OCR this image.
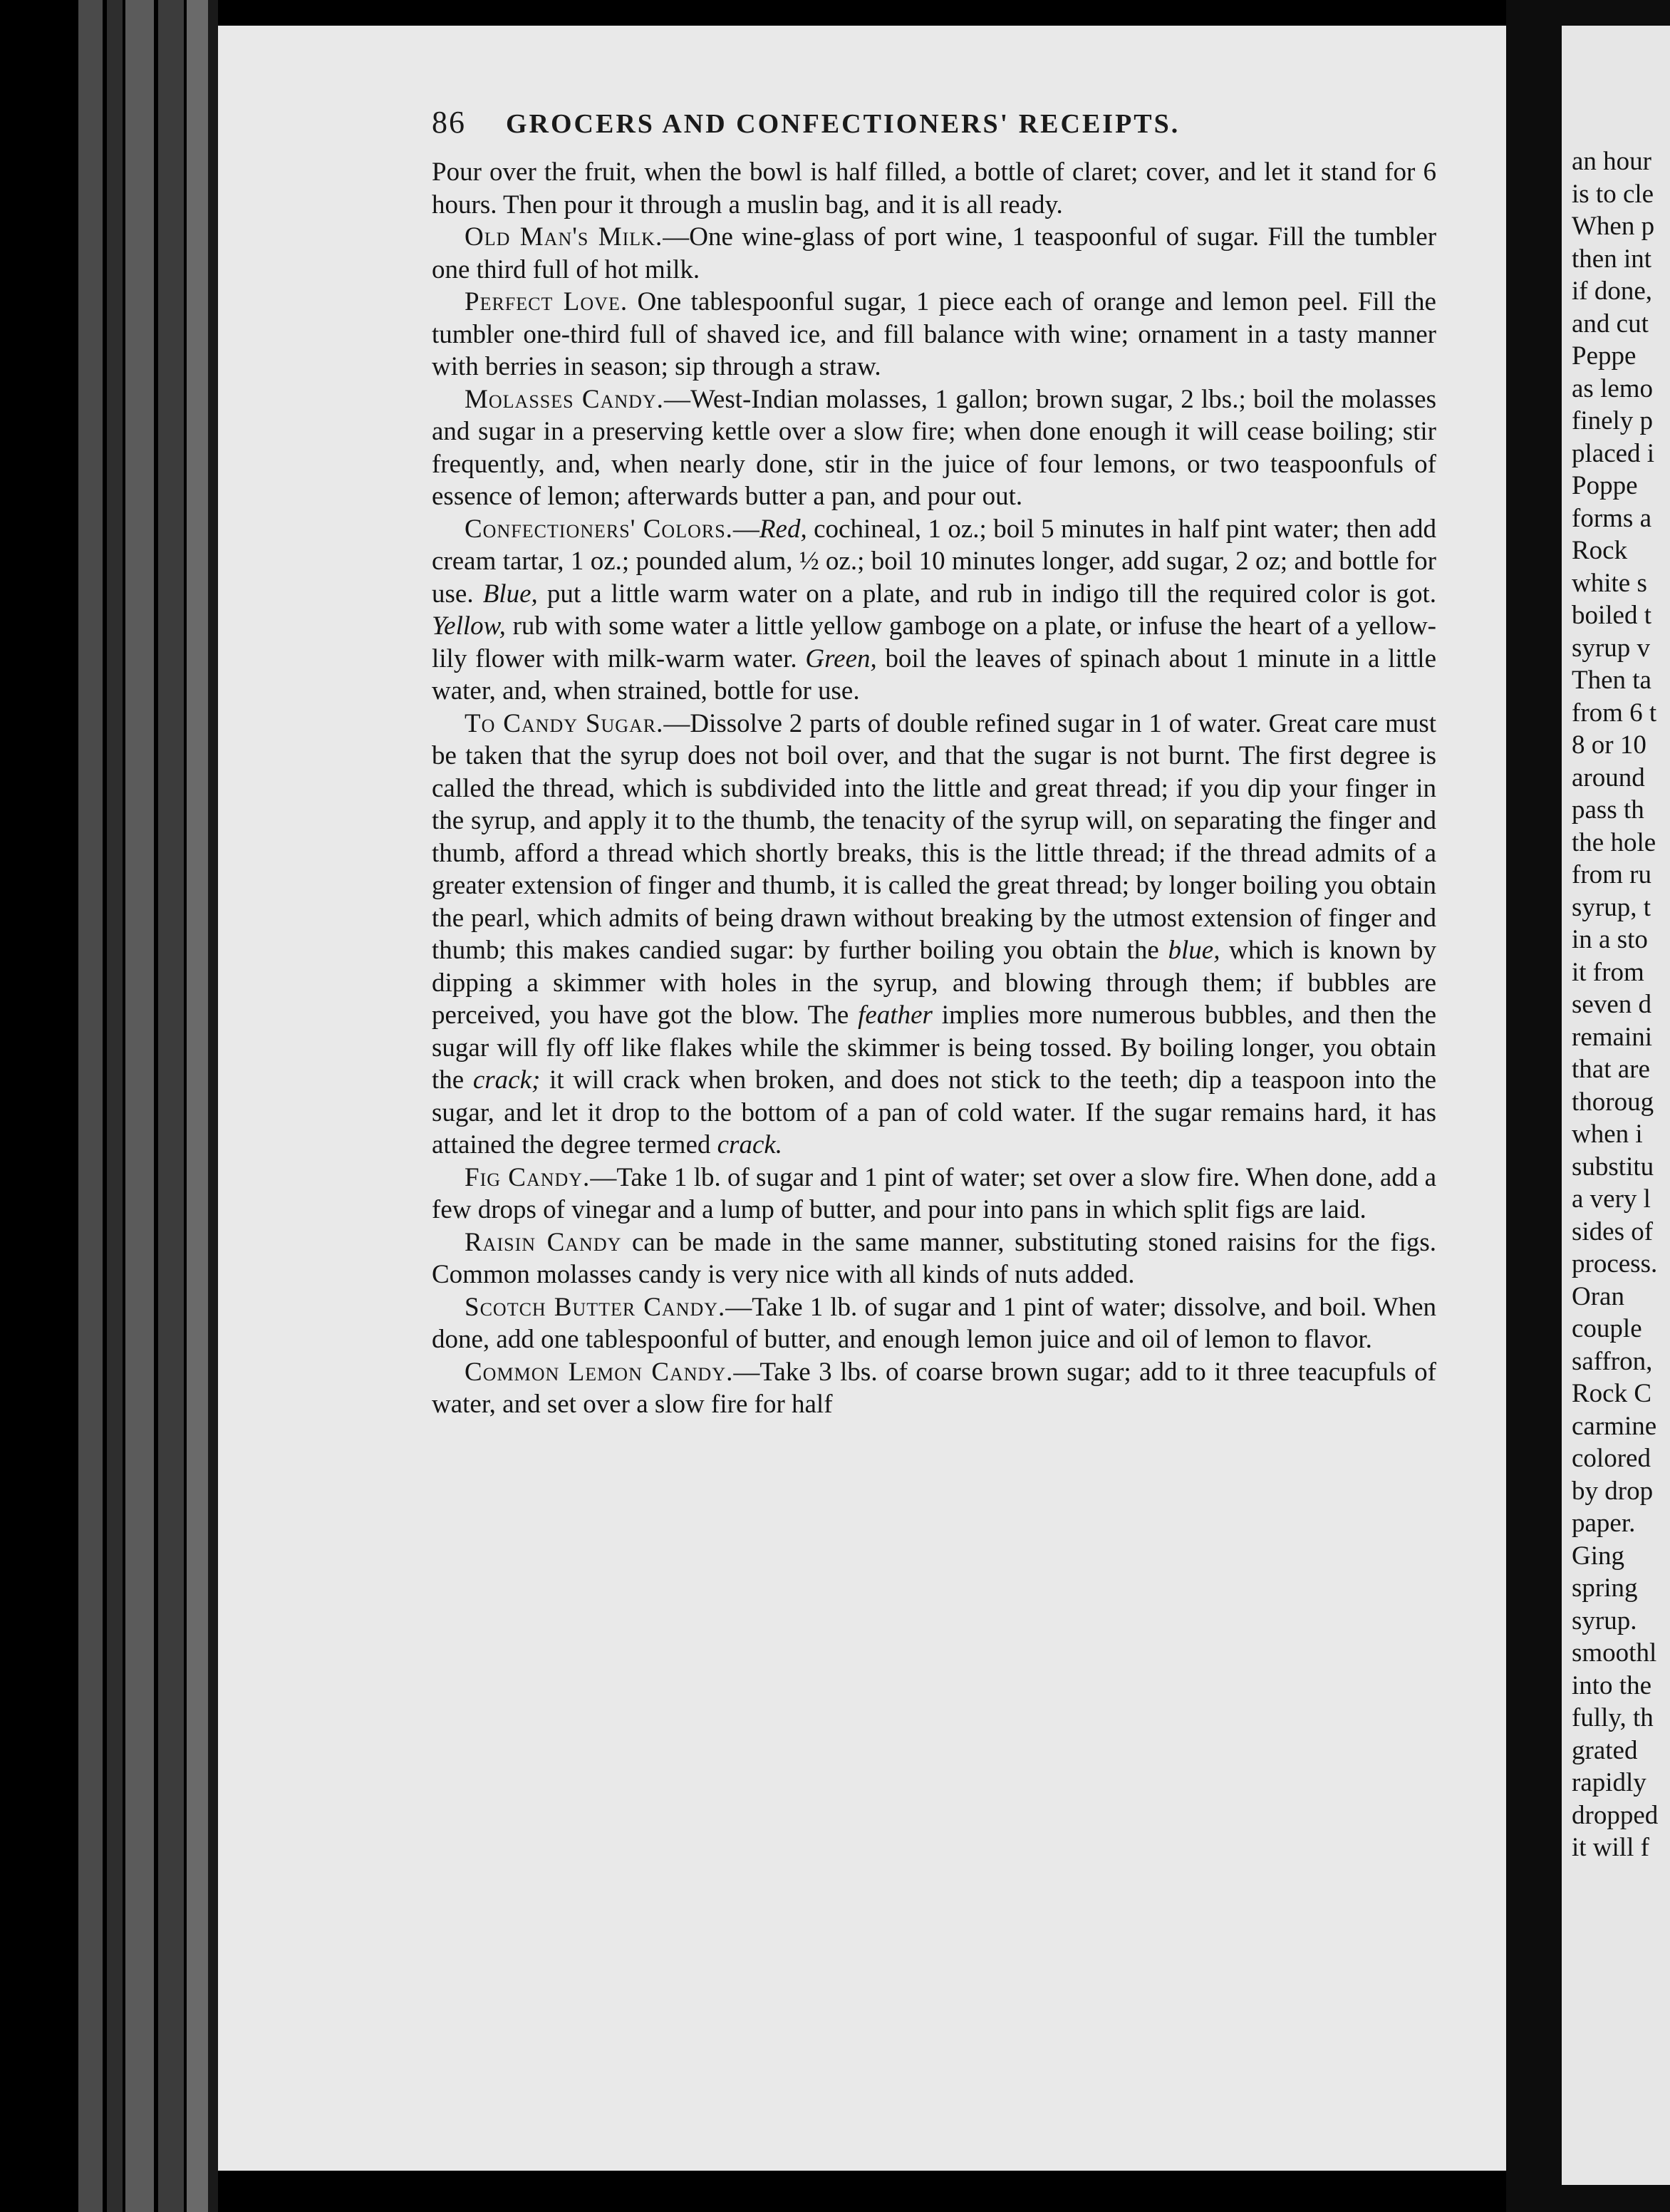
86 GROCERS AND CONFECTIONERS' RECEIPTS.

Pour over the fruit, when the bowl is half filled, a bottle of claret; cover, and let it stand for 6 hours. Then pour it through a muslin bag, and it is all ready.

Old Man's Milk.—One wine-glass of port wine, 1 teaspoonful of sugar. Fill the tumbler one third full of hot milk.

Perfect Love. One tablespoonful sugar, 1 piece each of orange and lemon peel. Fill the tumbler one-third full of shaved ice, and fill balance with wine; ornament in a tasty manner with berries in season; sip through a straw.

Molasses Candy.—West-Indian molasses, 1 gallon; brown sugar, 2 lbs.; boil the molasses and sugar in a preserving kettle over a slow fire; when done enough it will cease boiling; stir frequently, and, when nearly done, stir in the juice of four lemons, or two teaspoonfuls of essence of lemon; afterwards butter a pan, and pour out.

Confectioners' Colors.—Red, cochineal, 1 oz.; boil 5 minutes in half pint water; then add cream tartar, 1 oz.; pounded alum, ½ oz.; boil 10 minutes longer, add sugar, 2 oz; and bottle for use. Blue, put a little warm water on a plate, and rub in indigo till the required color is got. Yellow, rub with some water a little yellow gamboge on a plate, or infuse the heart of a yellow-lily flower with milk-warm water. Green, boil the leaves of spinach about 1 minute in a little water, and, when strained, bottle for use.

To Candy Sugar.—Dissolve 2 parts of double refined sugar in 1 of water. Great care must be taken that the syrup does not boil over, and that the sugar is not burnt. The first degree is called the thread, which is subdivided into the little and great thread; if you dip your finger in the syrup, and apply it to the thumb, the tenacity of the syrup will, on separating the finger and thumb, afford a thread which shortly breaks, this is the little thread; if the thread admits of a greater extension of finger and thumb, it is called the great thread; by longer boiling you obtain the pearl, which admits of being drawn without breaking by the utmost extension of finger and thumb; this makes candied sugar: by further boiling you obtain the blue, which is known by dipping a skimmer with holes in the syrup, and blowing through them; if bubbles are perceived, you have got the blow. The feather implies more numerous bubbles, and then the sugar will fly off like flakes while the skimmer is being tossed. By boiling longer, you obtain the crack; it will crack when broken, and does not stick to the teeth; dip a teaspoon into the sugar, and let it drop to the bottom of a pan of cold water. If the sugar remains hard, it has attained the degree termed crack.

Fig Candy.—Take 1 lb. of sugar and 1 pint of water; set over a slow fire. When done, add a few drops of vinegar and a lump of butter, and pour into pans in which split figs are laid.

Raisin Candy can be made in the same manner, substituting stoned raisins for the figs. Common molasses candy is very nice with all kinds of nuts added.

Scotch Butter Candy.—Take 1 lb. of sugar and 1 pint of water; dissolve, and boil. When done, add one tablespoonful of butter, and enough lemon juice and oil of lemon to flavor.

Common Lemon Candy.—Take 3 lbs. of coarse brown sugar; add to it three teacupfuls of water, and set over a slow fire for half

an hour
is to cle
When p
then int
if done,
and cut
Peppe
as lemo
finely p
placed i
Poppe
forms a
Rock
white s
boiled t
syrup v
Then ta
from 6 t
8 or 10
around
pass th
the hole
from ru
syrup, t
in a sto
it from
seven d
remaini
that are
thoroug
when i
substitu
a very l
sides of
process.
Oran
couple
saffron,
Rock C
carmine
colored
by drop
paper.
Ging
spring
syrup.
smoothl
into the
fully, th
grated
rapidly
dropped
it will f
